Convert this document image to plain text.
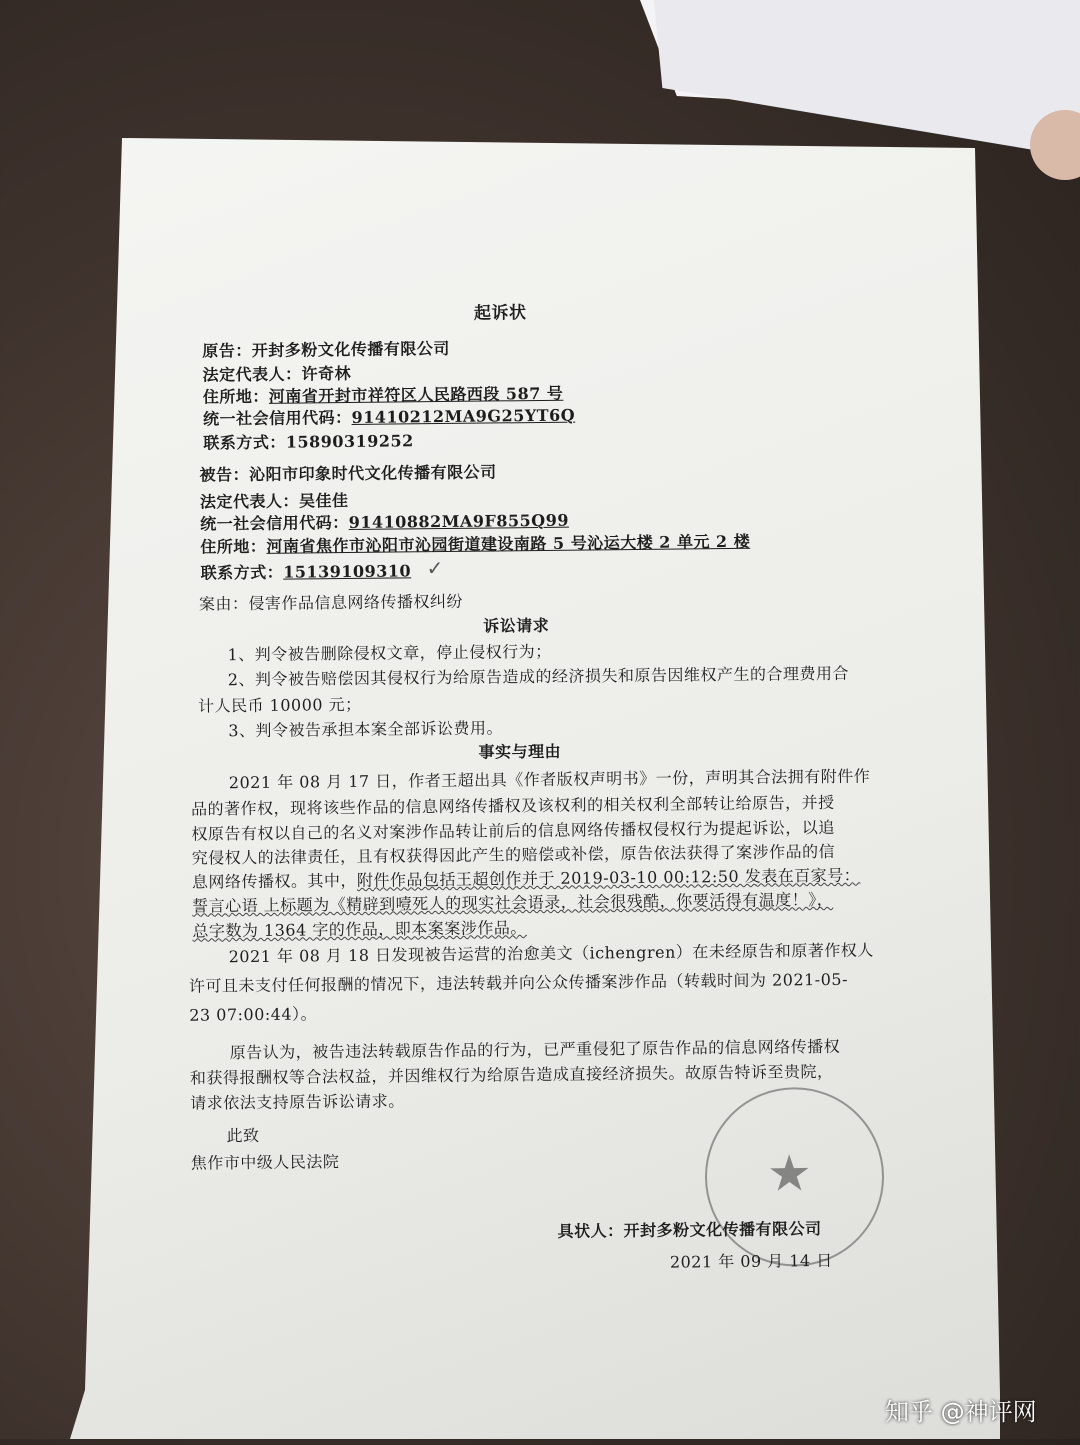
起诉状
原告：开封多粉文化传播有限公司
法定代表人：许奇林
住所地：河南省开封市祥符区人民路西段 587 号
统一社会信用代码：91410212MA9G25YT6Q
联系方式：15890319252
被告：沁阳市印象时代文化传播有限公司
法定代表人：吴佳佳
统一社会信用代码：91410882MA9F855Q99
住所地：河南省焦作市沁阳市沁园街道建设南路 5 号沁运大楼 2 单元 2 楼
联系方式：15139109310 ✓
案由：侵害作品信息网络传播权纠纷
诉讼请求
1、判令被告删除侵权文章，停止侵权行为；
2、判令被告赔偿因其侵权行为给原告造成的经济损失和原告因维权产生的合理费用合
计人民币 10000 元；
3、判令被告承担本案全部诉讼费用。
事实与理由
2021 年 08 月 17 日，作者王超出具《作者版权声明书》一份，声明其合法拥有附件作
品的著作权，现将该些作品的信息网络传播权及该权利的相关权利全部转让给原告，并授
权原告有权以自己的名义对案涉作品转让前后的信息网络传播权侵权行为提起诉讼，以追
究侵权人的法律责任，且有权获得因此产生的赔偿或补偿，原告依法获得了案涉作品的信
息网络传播权。其中，附件作品包括王超创作并于 2019-03-10 00:12:50 发表在百家号：
誓言心语 上标题为《精辟到噎死人的现实社会语录，社会很残酷，你要活得有温度！》，
总字数为 1364 字的作品，即本案案涉作品。
2021 年 08 月 18 日发现被告运营的治愈美文（ichengren）在未经原告和原著作权人
许可且未支付任何报酬的情况下，违法转载并向公众传播案涉作品（转载时间为 2021-05-
23 07:00:44）。
原告认为，被告违法转载原告作品的行为，已严重侵犯了原告作品的信息网络传播权
和获得报酬权等合法权益，并因维权行为给原告造成直接经济损失。故原告特诉至贵院，
请求依法支持原告诉讼请求。
此致
焦作市中级人民法院	★
具状人：开封多粉文化传播有限公司
2021 年 09 月 14 日
知乎 @神评网
